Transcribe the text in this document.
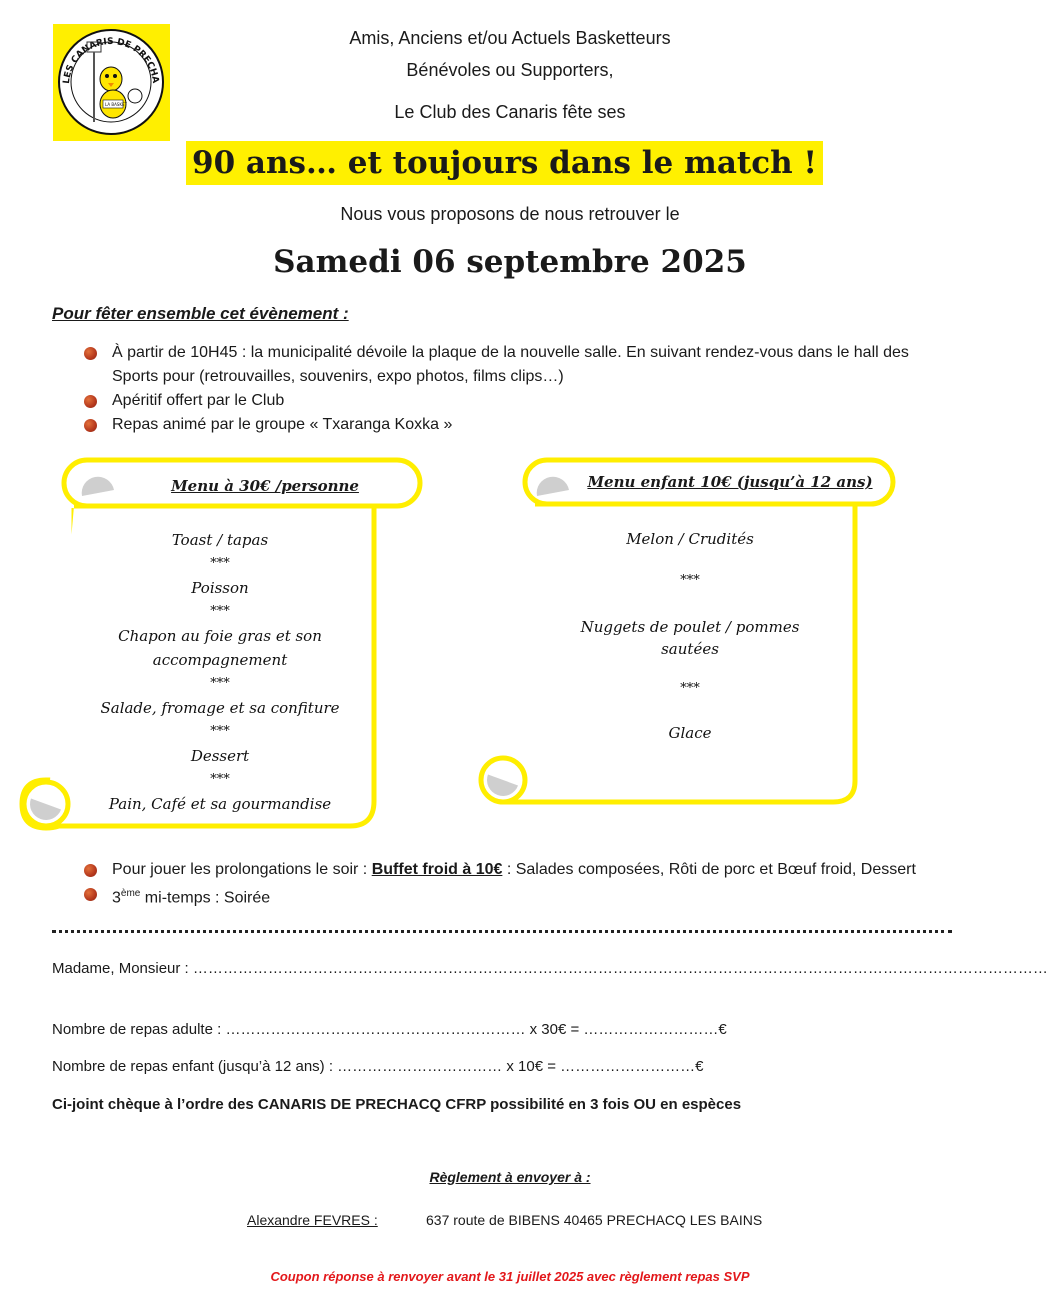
LES CANARIS DE PRECHA
LA BASKET
Amis, Anciens et/ou Actuels Basketteurs
Bénévoles ou Supporters,
Le Club des Canaris fête ses
90 ans… et toujours dans le match !
Nous vous proposons de nous retrouver le
Samedi 06 septembre 2025
Pour fêter ensemble cet évènement :
À partir de 10H45 : la municipalité dévoile la plaque de la nouvelle salle. En suivant rendez-vous dans le hall des Sports pour (retrouvailles, souvenirs, expo photos, films clips…)
Apéritif offert par le Club
Repas animé par le groupe « Txaranga Koxka »
Menu à 30€ /personne
Toast / tapas
***
Poisson
***
Chapon au foie gras et son
accompagnement
***
Salade, fromage et sa confiture
***
Dessert
***
Pain, Café et sa gourmandise
Menu enfant 10€ (jusqu’à 12 ans)
Melon / Crudités
***
Nuggets de poulet / pommes
sautées
***
Glace
Pour jouer les prolongations le soir : Buffet froid à 10€ : Salades composées, Rôti de porc et Bœuf froid, Dessert
3ème mi-temps : Soirée
Madame, Monsieur : ………………………………………………………………………………………………………………………………………………………
Nombre de repas adulte : …………………………………………………… x 30€ = ………………………€
Nombre de repas enfant (jusqu’à 12 ans) : …………………………… x 10€ = ………………………€
Ci-joint chèque à l’ordre des CANARIS DE PRECHACQ CFRP possibilité en 3 fois OU en espèces
Règlement à envoyer à :
Alexandre FEVRES :	637 route de BIBENS 40465 PRECHACQ LES BAINS
Coupon réponse à renvoyer avant le 31 juillet 2025 avec règlement repas SVP
